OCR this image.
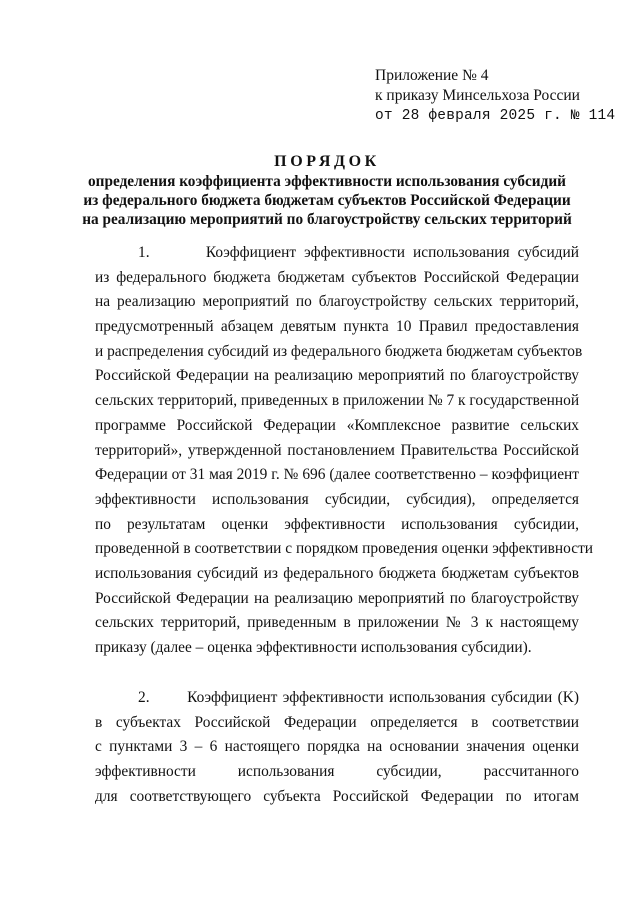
Приложение № 4
к приказу Минсельхоза России
от 28 февраля 2025 г. № 114
ПОРЯДОК
определения коэффициента эффективности использования субсидий
из федерального бюджета бюджетам субъектов Российской Федерации
на реализацию мероприятий по благоустройству сельских территорий
1.       Коэффициент эффективности использования субсидий
из федерального бюджета бюджетам субъектов Российской Федерации
на реализацию мероприятий по благоустройству сельских территорий,
предусмотренный абзацем девятым пункта 10 Правил предоставления
и распределения субсидий из федерального бюджета бюджетам субъектов
Российской Федерации на реализацию мероприятий по благоустройству
сельских территорий, приведенных в приложении № 7 к государственной
программе Российской Федерации «Комплексное развитие сельских
территорий», утвержденной постановлением Правительства Российской
Федерации от 31 мая 2019 г. № 696 (далее соответственно – коэффициент
эффективности использования субсидии, субсидия), определяется
по результатам оценки эффективности использования субсидии,
проведенной в соответствии с порядком проведения оценки эффективности
использования субсидий из федерального бюджета бюджетам субъектов
Российской Федерации на реализацию мероприятий по благоустройству
сельских территорий, приведенным в приложении № 3 к настоящему
приказу (далее – оценка эффективности использования субсидии).
2.       Коэффициент эффективности использования субсидии (K)
в субъектах Российской Федерации определяется в соответствии
с пунктами 3 – 6 настоящего порядка на основании значения оценки
эффективности использования субсидии, рассчитанного
для соответствующего субъекта Российской Федерации по итогам
